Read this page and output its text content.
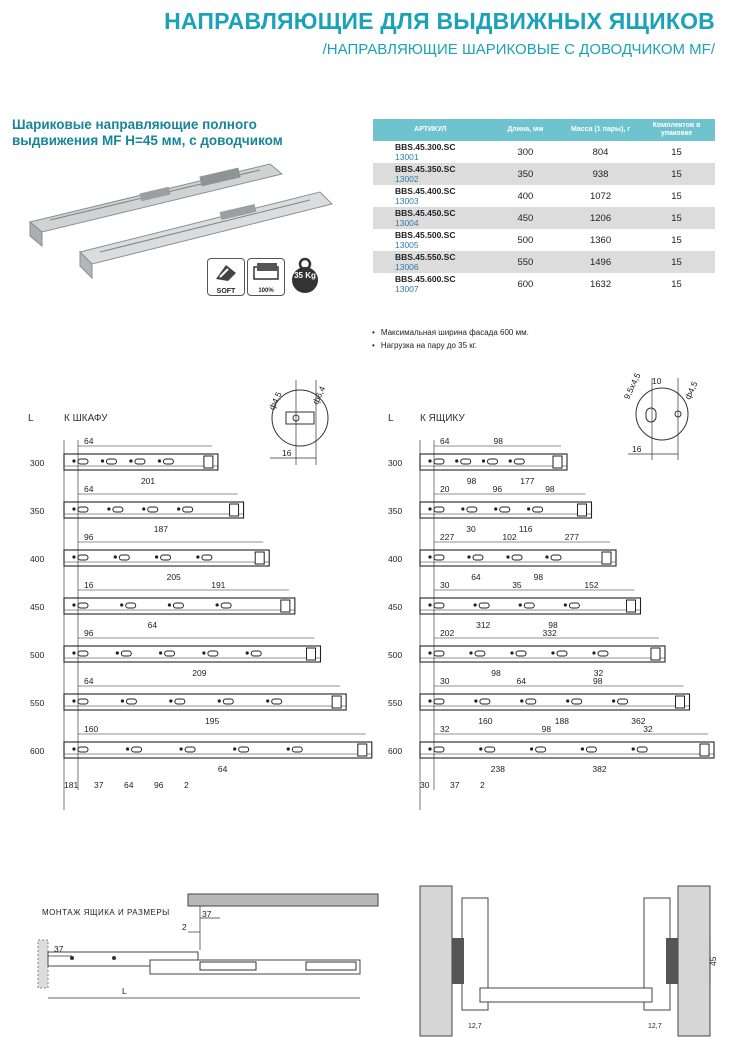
НАПРАВЛЯЮЩИЕ ДЛЯ ВЫДВИЖНЫХ ЯЩИКОВ
/НАПРАВЛЯЮЩИЕ ШАРИКОВЫЕ С ДОВОДЧИКОМ MF/
Шариковые направляющие полного выдвижения MF H=45 мм, с доводчиком
SOFT	100%
35 Kg
АРТИКУЛ	Длина, мм	Масса (1 пары), г	Комплектов в упаковке

BBS.45.300.SC
13001	300	804	15

BBS.45.350.SC
13002	350	938	15

BBS.45.400.SC
13003	400	1072	15

BBS.45.450.SC
13004	450	1206	15

BBS.45.500.SC
13005	500	1360	15

BBS.45.550.SC
13006	550	1496	15

BBS.45.600.SC
13007	600	1632	15
• Максимальная ширина фасада 600 мм.
• Нагрузка на пару до 35 кг.
L	К ШКАФУ
ф4,5	ф6,4
16
300
64
201
350
64
187
400
96
205
450
16
64
191
500
96
209
550
64
195
600
160
64
181 37 64 96 2
L	К ЯЩИКУ
9,5х4,5 10 ф4,5
16
300
64
98
98
177
350
20
30
96
116
98
400
227
64
102
98
277
450
30
312
35
98
152
500
202
98
332
32
550
30
160
64
188
98
362
600
32
238
98
382
32
30 37 2
МОНТАЖ ЯЩИКА И РАЗМЕРЫ	37
2
37
L
45
12,7	12,7
